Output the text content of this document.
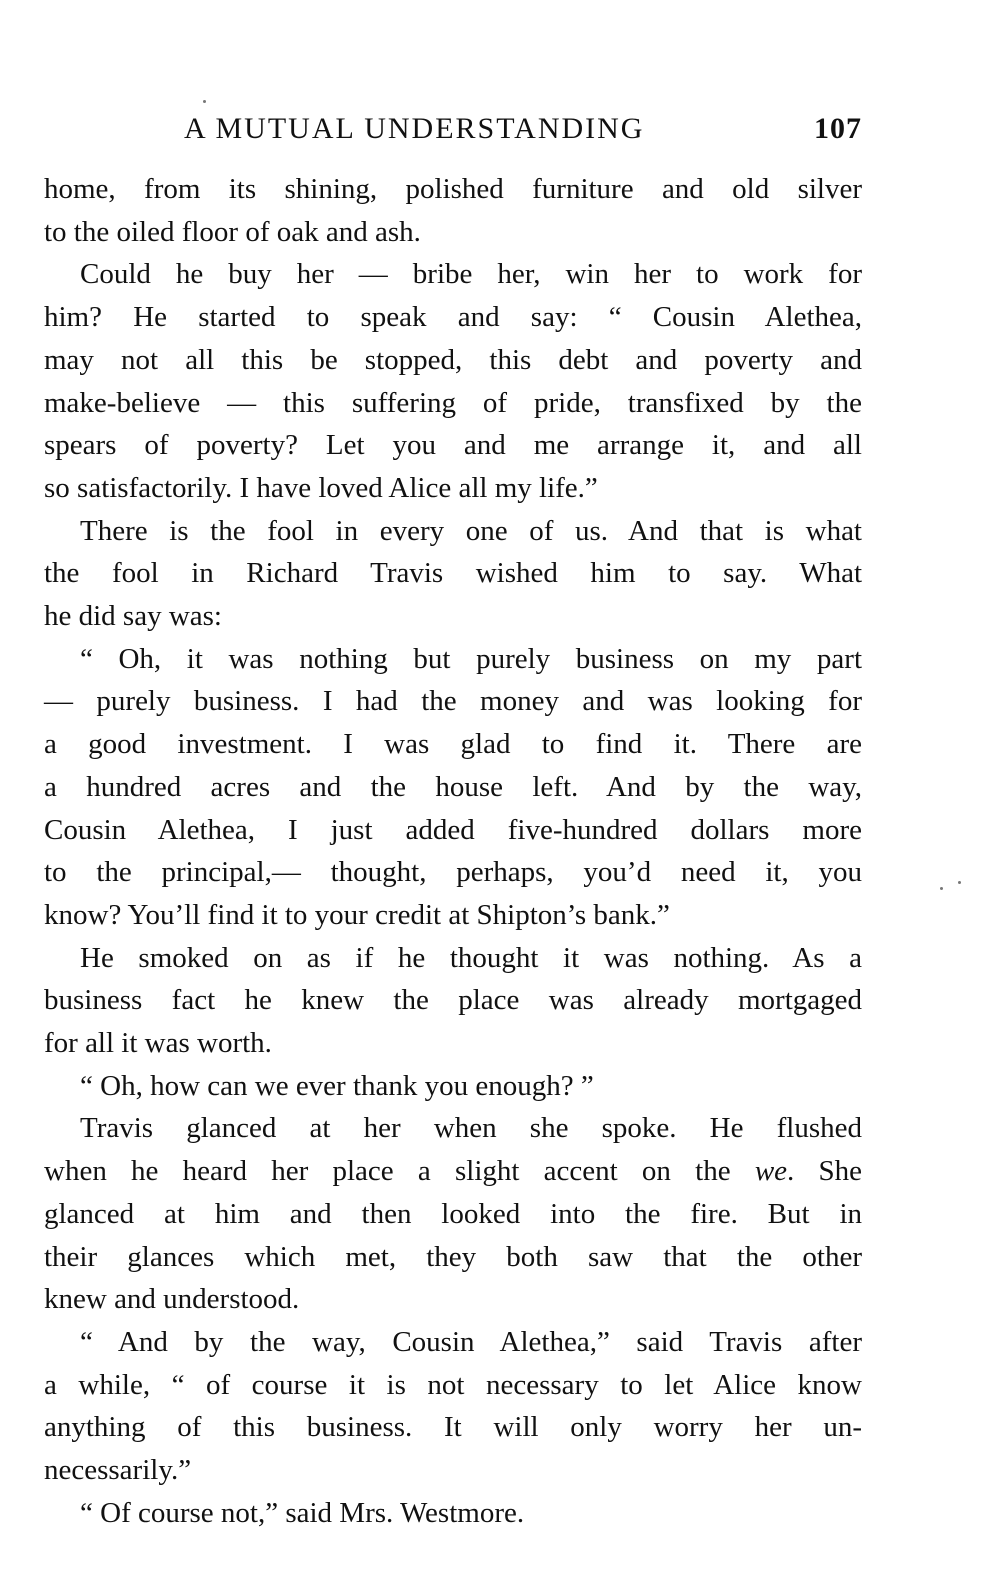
A MUTUAL UNDERSTANDING	107
home, from its shining, polished furniture and old silver
to the oiled floor of oak and ash.
Could he buy her — bribe her, win her to work for
him? He started to speak and say: “ Cousin Alethea,
may not all this be stopped, this debt and poverty and
make-believe — this suffering of pride, transfixed by the
spears of poverty? Let you and me arrange it, and all
so satisfactorily. I have loved Alice all my life.”
There is the fool in every one of us. And that is what
the fool in Richard Travis wished him to say. What
he did say was:
“ Oh, it was nothing but purely business on my part
— purely business. I had the money and was looking for
a good investment. I was glad to find it. There are
a hundred acres and the house left. And by the way,
Cousin Alethea, I just added five-hundred dollars more
to the principal,— thought, perhaps, you’d need it, you
know? You’ll find it to your credit at Shipton’s bank.”
He smoked on as if he thought it was nothing. As a
business fact he knew the place was already mortgaged
for all it was worth.
“ Oh, how can we ever thank you enough? ”
Travis glanced at her when she spoke. He flushed
when he heard her place a slight accent on the we. She
glanced at him and then looked into the fire. But in
their glances which met, they both saw that the other
knew and understood.
“ And by the way, Cousin Alethea,” said Travis after
a while, “ of course it is not necessary to let Alice know
anything of this business. It will only worry her un-
necessarily.”
“ Of course not,” said Mrs. Westmore.
